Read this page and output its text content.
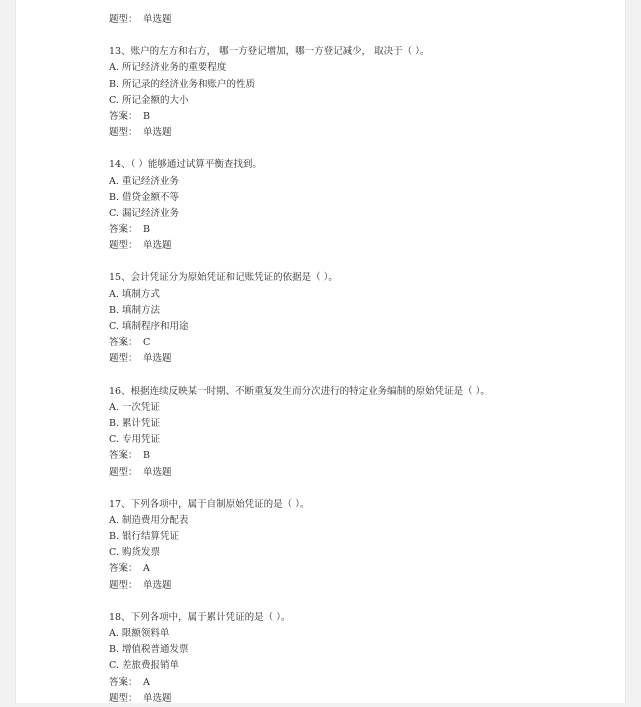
题型： 单选题
13、账户的左方和右方， 哪一方登记增加，哪一方登记减少， 取决于（ ）。
A. 所记经济业务的重要程度
B. 所记录的经济业务和账户的性质
C. 所记金额的大小
答案： B
题型： 单选题
14、（ ）能够通过试算平衡查找到。
A. 重记经济业务
B. 借贷金额不等
C. 漏记经济业务
答案： B
题型： 单选题
15、会计凭证分为原始凭证和记账凭证的依据是（ ）。
A. 填制方式
B. 填制方法
C. 填制程序和用途
答案： C
题型： 单选题
16、根据连续反映某一时期、不断重复发生而分次进行的特定业务编制的原始凭证是（ ）。
A. 一次凭证
B. 累计凭证
C. 专用凭证
答案： B
题型： 单选题
17、下列各项中，属于自制原始凭证的是（ ）。
A. 制造费用分配表
B. 银行结算凭证
C. 购货发票
答案： A
题型： 单选题
18、下列各项中，属于累计凭证的是（ ）。
A. 限额领料单
B. 增值税普通发票
C. 差旅费报销单
答案： A
题型： 单选题
